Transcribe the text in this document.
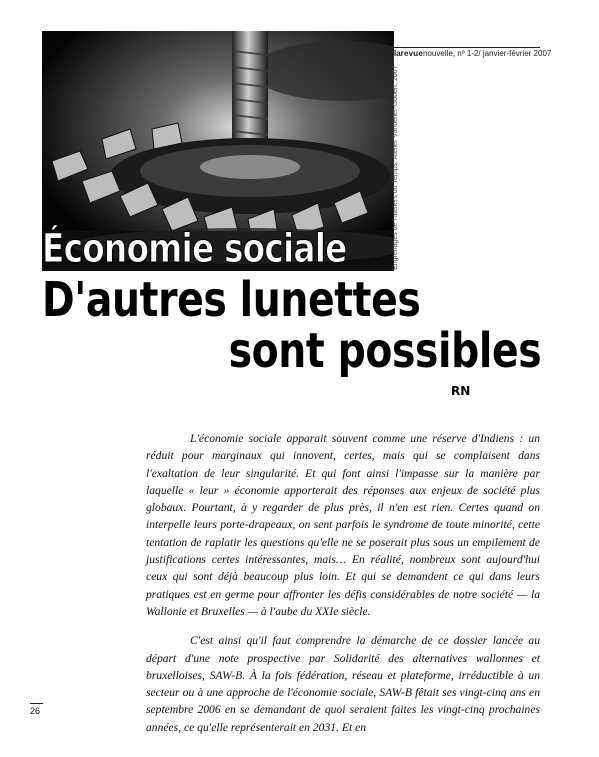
larevuenouvelle, nº 1-2/ janvier-février 2007
Engrenages de l'ateliers du Temps, Atelier Vanbeller-Gobert, 2007
Économie sociale
D'autres lunettes
sont possibles
RN

L'économie sociale apparait souvent comme une réserve d'Indiens : un réduit pour marginaux qui innovent, certes, mais qui se complaisent dans l'exaltation de leur singularité. Et qui font ainsi l'impasse sur la manière par laquelle « leur » économie apporterait des réponses aux enjeux de société plus globaux. Pourtant, à y regarder de plus près, il n'en est rien. Certes quand on interpelle leurs porte-drapeaux, on sent parfois le syndrome de toute minorité, cette tentation de raplatir les questions qu'elle ne se poserait plus sous un empilement de justifications certes intéressantes, mais… En réalité, nombreux sont aujourd'hui ceux qui sont déjà beaucoup plus loin. Et qui se demandent ce qui dans leurs pratiques est en germe pour affronter les défis considérables de notre société — la Wallonie et Bruxelles — à l'aube du XXIe siècle.

C'est ainsi qu'il faut comprendre la démarche de ce dossier lancée au départ d'une note prospective par Solidarité des alternatives wallonnes et bruxelloises, SAW-B. À la fois fédération, réseau et plateforme, irréductible à un secteur ou à une approche de l'économie sociale, SAW-B fêtait ses vingt-cinq ans en septembre 2006 en se demandant de quoi seraient faites les vingt-cinq prochaines années, ce qu'elle représenterait en 2031. Et en

26
